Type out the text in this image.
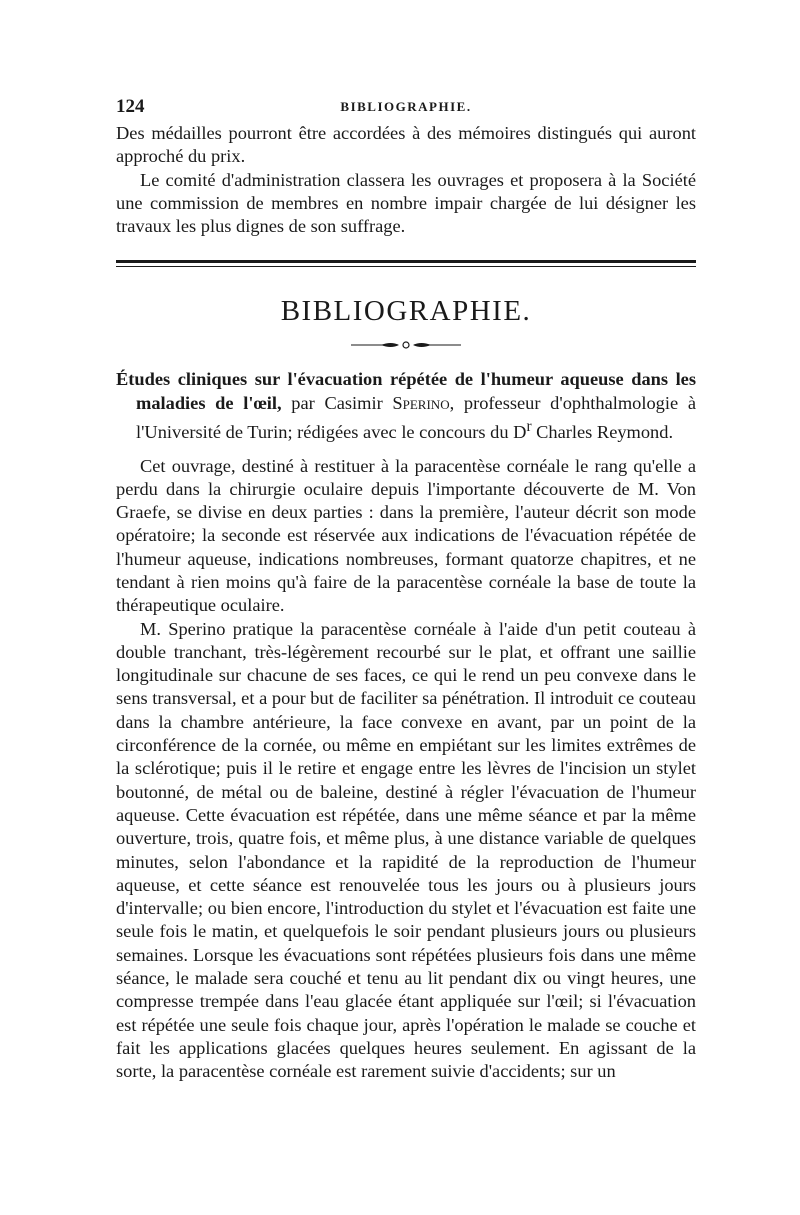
124	BIBLIOGRAPHIE.

Des médailles pourront être accordées à des mémoires distingués qui auront approché du prix.

Le comité d'administration classera les ouvrages et proposera à la Société une commission de membres en nombre impair chargée de lui désigner les travaux les plus dignes de son suffrage.

BIBLIOGRAPHIE.

Études cliniques sur l'évacuation répétée de l'humeur aqueuse dans les maladies de l'œil, par Casimir Sperino, professeur d'ophthalmologie à l'Université de Turin; rédigées avec le concours du $D^r$ Charles Reymond.

Cet ouvrage, destiné à restituer à la paracentèse cornéale le rang qu'elle a perdu dans la chirurgie oculaire depuis l'importante découverte de M. Von Graefe, se divise en deux parties : dans la première, l'auteur décrit son mode opératoire; la seconde est réservée aux indications de l'évacuation répétée de l'humeur aqueuse, indications nombreuses, formant quatorze chapitres, et ne tendant à rien moins qu'à faire de la paracentèse cornéale la base de toute la thérapeutique oculaire.

M. Sperino pratique la paracentèse cornéale à l'aide d'un petit couteau à double tranchant, très-légèrement recourbé sur le plat, et offrant une saillie longitudinale sur chacune de ses faces, ce qui le rend un peu convexe dans le sens transversal, et a pour but de faciliter sa pénétration. Il introduit ce couteau dans la chambre antérieure, la face convexe en avant, par un point de la circonférence de la cornée, ou même en empiétant sur les limites extrêmes de la sclérotique; puis il le retire et engage entre les lèvres de l'incision un stylet boutonné, de métal ou de baleine, destiné à régler l'évacuation de l'humeur aqueuse. Cette évacuation est répétée, dans une même séance et par la même ouverture, trois, quatre fois, et même plus, à une distance variable de quelques minutes, selon l'abondance et la rapidité de la reproduction de l'humeur aqueuse, et cette séance est renouvelée tous les jours ou à plusieurs jours d'intervalle; ou bien encore, l'introduction du stylet et l'évacuation est faite une seule fois le matin, et quelquefois le soir pendant plusieurs jours ou plusieurs semaines. Lorsque les évacuations sont répétées plusieurs fois dans une même séance, le malade sera couché et tenu au lit pendant dix ou vingt heures, une compresse trempée dans l'eau glacée étant appliquée sur l'œil; si l'évacuation est répétée une seule fois chaque jour, après l'opération le malade se couche et fait les applications glacées quelques heures seulement. En agissant de la sorte, la paracentèse cornéale est rarement suivie d'accidents; sur un
